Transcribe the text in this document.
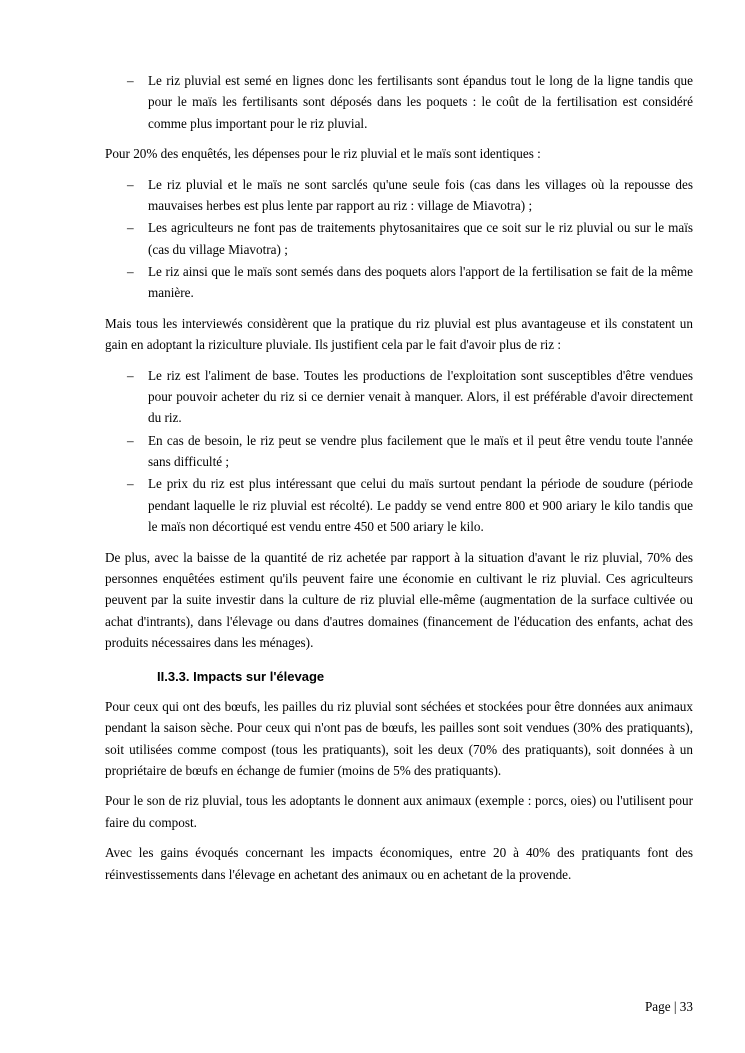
– Le riz pluvial est semé en lignes donc les fertilisants sont épandus tout le long de la ligne tandis que pour le maïs les fertilisants sont déposés dans les poquets : le coût de la fertilisation est considéré comme plus important pour le riz pluvial.

Pour 20% des enquêtés, les dépenses pour le riz pluvial et le maïs sont identiques :

– Le riz pluvial et le maïs ne sont sarclés qu'une seule fois (cas dans les villages où la repousse des mauvaises herbes est plus lente par rapport au riz : village de Miavotra) ;
– Les agriculteurs ne font pas de traitements phytosanitaires que ce soit sur le riz pluvial ou sur le maïs (cas du village Miavotra) ;
– Le riz ainsi que le maïs sont semés dans des poquets alors l'apport de la fertilisation se fait de la même manière.

Mais tous les interviewés considèrent que la pratique du riz pluvial est plus avantageuse et ils constatent un gain en adoptant la riziculture pluviale. Ils justifient cela par le fait d'avoir plus de riz :

– Le riz est l'aliment de base. Toutes les productions de l'exploitation sont susceptibles d'être vendues pour pouvoir acheter du riz si ce dernier venait à manquer. Alors, il est préférable d'avoir directement du riz.
– En cas de besoin, le riz peut se vendre plus facilement que le maïs et il peut être vendu toute l'année sans difficulté ;
– Le prix du riz est plus intéressant que celui du maïs surtout pendant la période de soudure (période pendant laquelle le riz pluvial est récolté). Le paddy se vend entre 800 et 900 ariary le kilo tandis que le maïs non décortiqué est vendu entre 450 et 500 ariary le kilo.

De plus, avec la baisse de la quantité de riz achetée par rapport à la situation d'avant le riz pluvial, 70% des personnes enquêtées estiment qu'ils peuvent faire une économie en cultivant le riz pluvial. Ces agriculteurs peuvent par la suite investir dans la culture de riz pluvial elle-même (augmentation de la surface cultivée ou achat d'intrants), dans l'élevage ou dans d'autres domaines (financement de l'éducation des enfants, achat des produits nécessaires dans les ménages).

II.3.3. Impacts sur l'élevage

Pour ceux qui ont des bœufs, les pailles du riz pluvial sont séchées et stockées pour être données aux animaux pendant la saison sèche. Pour ceux qui n'ont pas de bœufs, les pailles sont soit vendues (30% des pratiquants), soit utilisées comme compost (tous les pratiquants), soit les deux (70% des pratiquants), soit données à un propriétaire de bœufs en échange de fumier (moins de 5% des pratiquants).

Pour le son de riz pluvial, tous les adoptants le donnent aux animaux (exemple : porcs, oies) ou l'utilisent pour faire du compost.

Avec les gains évoqués concernant les impacts économiques, entre 20 à 40% des pratiquants font des réinvestissements dans l'élevage en achetant des animaux ou en achetant de la provende.

Page | 33
